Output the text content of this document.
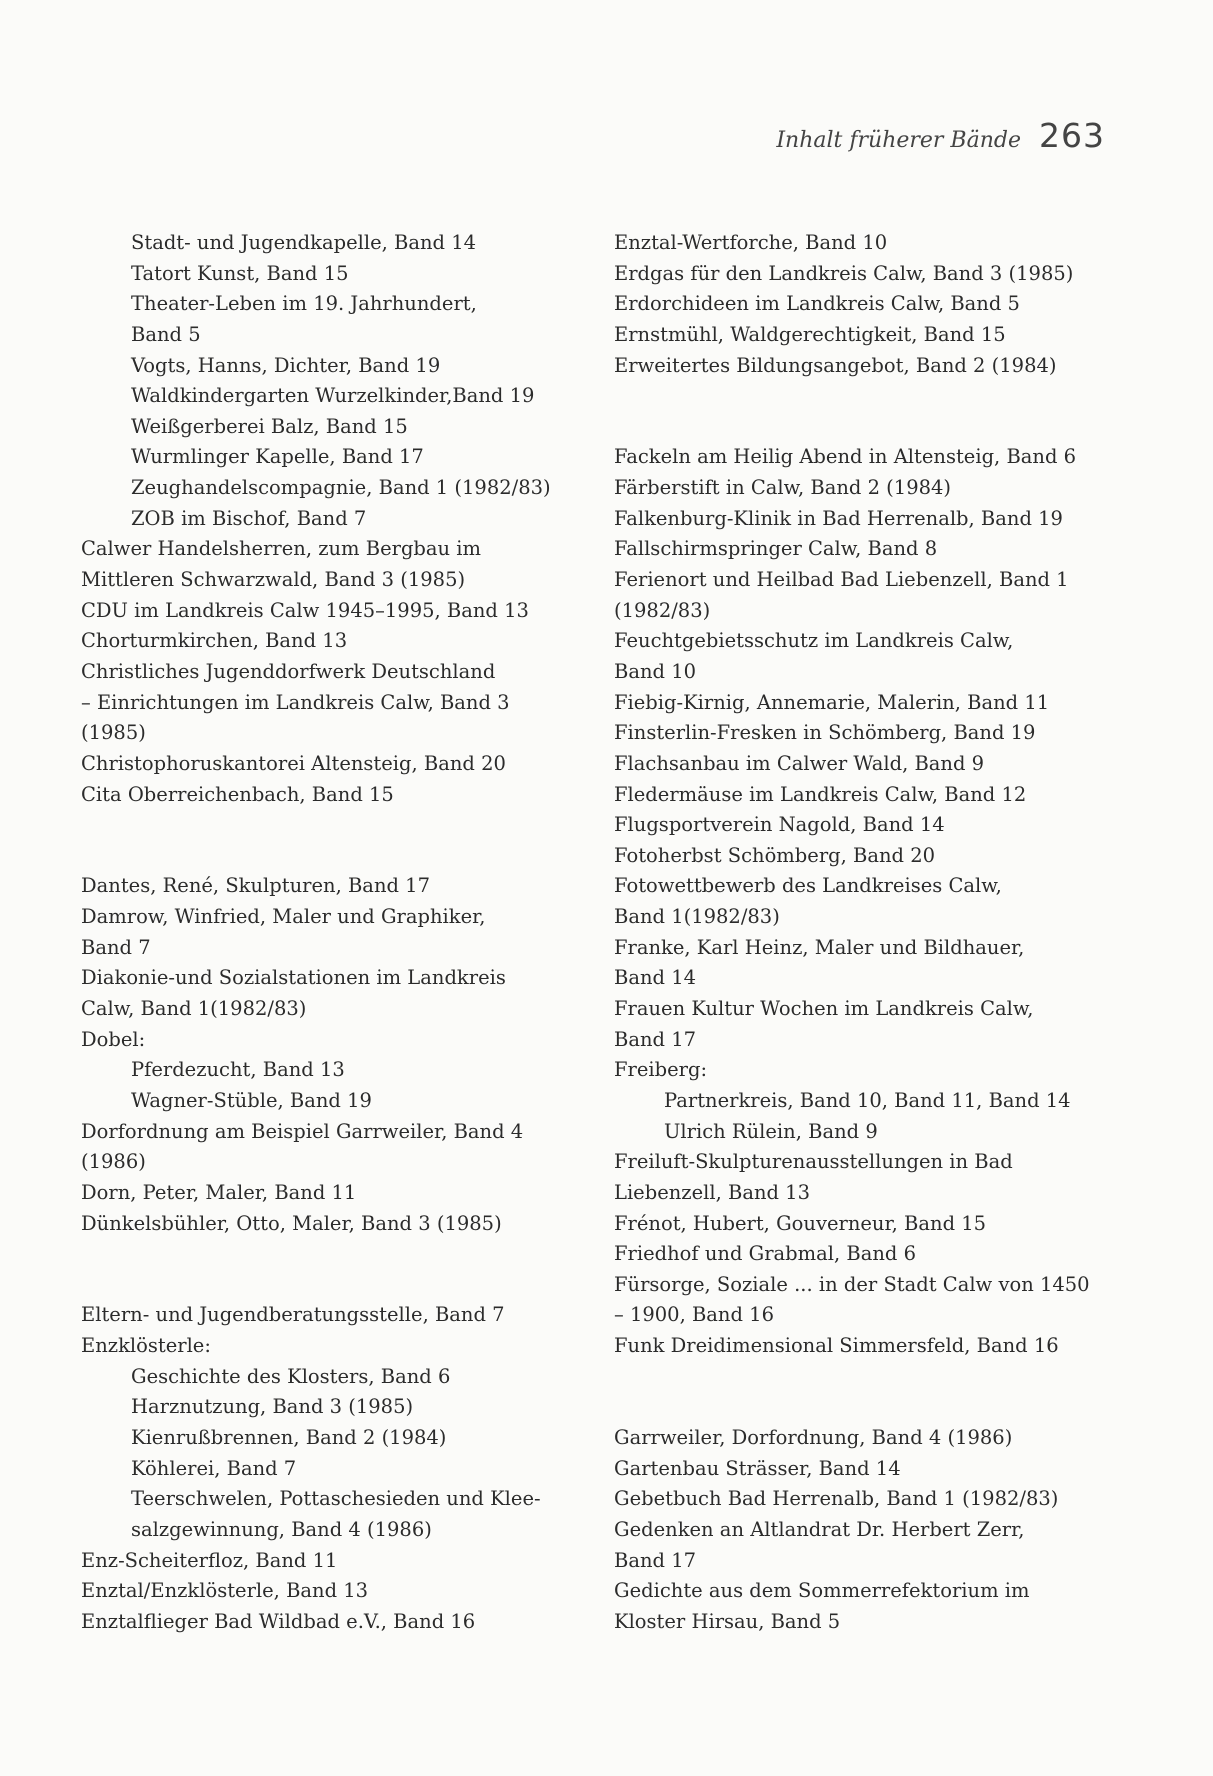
Inhalt früherer Bände 263
Stadt- und Jugendkapelle, Band 14
Tatort Kunst, Band 15
Theater-Leben im 19. Jahrhundert,
Band 5
Vogts, Hanns, Dichter, Band 19
Waldkindergarten Wurzelkinder,Band 19
Weißgerberei Balz, Band 15
Wurmlinger Kapelle, Band 17
Zeughandelscompagnie, Band 1 (1982/83)
ZOB im Bischof, Band 7
Calwer Handelsherren, zum Bergbau im
Mittleren Schwarzwald, Band 3 (1985)
CDU im Landkreis Calw 1945–1995, Band 13
Chorturmkirchen, Band 13
Christliches Jugenddorfwerk Deutschland
– Einrichtungen im Landkreis Calw, Band 3
(1985)
Christophoruskantorei Altensteig, Band 20
Cita Oberreichenbach, Band 15
Dantes, René, Skulpturen, Band 17
Damrow, Winfried, Maler und Graphiker,
Band 7
Diakonie-und Sozialstationen im Landkreis
Calw, Band 1(1982/83)
Dobel:
Pferdezucht, Band 13
Wagner-Stüble, Band 19
Dorfordnung am Beispiel Garrweiler, Band 4
(1986)
Dorn, Peter, Maler, Band 11
Dünkelsbühler, Otto, Maler, Band 3 (1985)
Eltern- und Jugendberatungsstelle, Band 7
Enzklösterle:
Geschichte des Klosters, Band 6
Harznutzung, Band 3 (1985)
Kienrußbrennen, Band 2 (1984)
Köhlerei, Band 7
Teerschwelen, Pottaschesieden und Klee-
salzgewinnung, Band 4 (1986)
Enz-Scheiterfloz, Band 11
Enztal/Enzklösterle, Band 13
Enztalflieger Bad Wildbad e.V., Band 16
Enztal-Wertforche, Band 10
Erdgas für den Landkreis Calw, Band 3 (1985)
Erdorchideen im Landkreis Calw, Band 5
Ernstmühl, Waldgerechtigkeit, Band 15
Erweitertes Bildungsangebot, Band 2 (1984)
Fackeln am Heilig Abend in Altensteig, Band 6
Färberstift in Calw, Band 2 (1984)
Falkenburg-Klinik in Bad Herrenalb, Band 19
Fallschirmspringer Calw, Band 8
Ferienort und Heilbad Bad Liebenzell, Band 1
(1982/83)
Feuchtgebietsschutz im Landkreis Calw,
Band 10
Fiebig-Kirnig, Annemarie, Malerin, Band 11
Finsterlin-Fresken in Schömberg, Band 19
Flachsanbau im Calwer Wald, Band 9
Fledermäuse im Landkreis Calw, Band 12
Flugsportverein Nagold, Band 14
Fotoherbst Schömberg, Band 20
Fotowettbewerb des Landkreises Calw,
Band 1(1982/83)
Franke, Karl Heinz, Maler und Bildhauer,
Band 14
Frauen Kultur Wochen im Landkreis Calw,
Band 17
Freiberg:
Partnerkreis, Band 10, Band 11, Band 14
Ulrich Rülein, Band 9
Freiluft-Skulpturenausstellungen in Bad
Liebenzell, Band 13
Frénot, Hubert, Gouverneur, Band 15
Friedhof und Grabmal, Band 6
Fürsorge, Soziale ... in der Stadt Calw von 1450
– 1900, Band 16
Funk Dreidimensional Simmersfeld, Band 16
Garrweiler, Dorfordnung, Band 4 (1986)
Gartenbau Strässer, Band 14
Gebetbuch Bad Herrenalb, Band 1 (1982/83)
Gedenken an Altlandrat Dr. Herbert Zerr,
Band 17
Gedichte aus dem Sommerrefektorium im
Kloster Hirsau, Band 5
